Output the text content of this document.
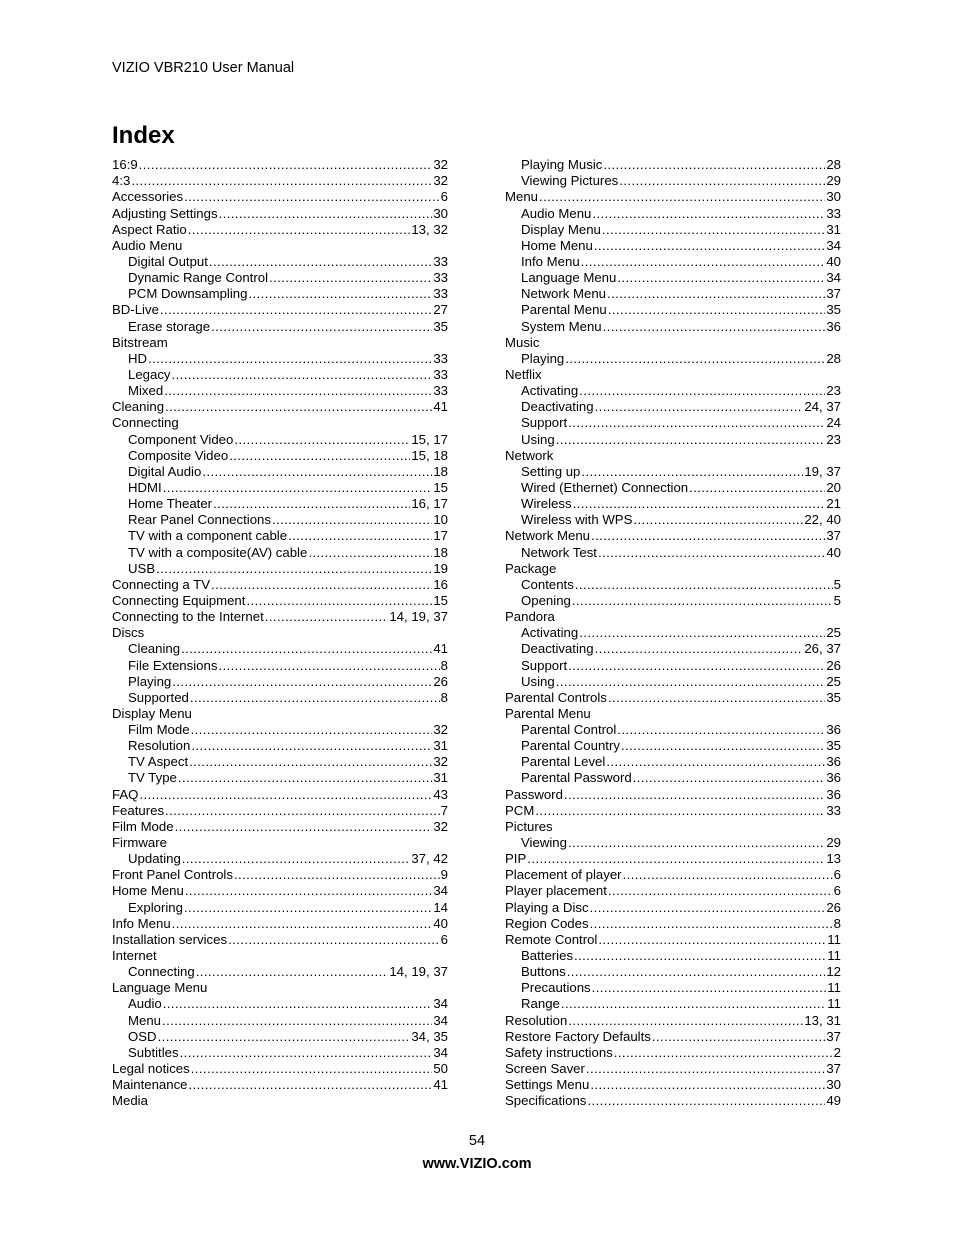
VIZIO VBR210 User Manual
Index
16:9 .....	32
4:3 .....	32
Accessories .....	6
Adjusting Settings .....	30
Aspect Ratio .....	13, 32
Audio Menu
Digital Output .....	33
Dynamic Range Control .....	33
PCM Downsampling .....	33
BD-Live .....	27
Erase storage .....	35
Bitstream
HD .....	33
Legacy .....	33
Mixed .....	33
Cleaning .....	41
Connecting
Component Video .....	15, 17
Composite Video .....	15, 18
Digital Audio .....	18
HDMI .....	15
Home Theater .....	16, 17
Rear Panel Connections .....	10
TV with a component cable .....	17
TV with a composite(AV) cable .....	18
USB .....	19
Connecting a TV .....	16
Connecting Equipment .....	15
Connecting to the Internet .....	14, 19, 37
Discs
Cleaning .....	41
File Extensions .....	8
Playing .....	26
Supported .....	8
Display Menu
Film Mode .....	32
Resolution .....	31
TV Aspect .....	32
TV Type .....	31
FAQ .....	43
Features .....	7
Film Mode .....	32
Firmware
Updating .....	37, 42
Front Panel Controls .....	9
Home Menu .....	34
Exploring .....	14
Info Menu .....	40
Installation services .....	6
Internet
Connecting .....	14, 19, 37
Language Menu
Audio .....	34
Menu .....	34
OSD .....	34, 35
Subtitles .....	34
Legal notices .....	50
Maintenance .....	41
Media
Playing Music .....	28
Viewing Pictures .....	29
Menu .....	30
Audio Menu .....	33
Display Menu .....	31
Home Menu .....	34
Info Menu .....	40
Language Menu .....	34
Network Menu .....	37
Parental Menu .....	35
System Menu .....	36
Music
Playing .....	28
Netflix
Activating .....	23
Deactivating .....	24, 37
Support .....	24
Using .....	23
Network
Setting up .....	19, 37
Wired (Ethernet) Connection .....	20
Wireless .....	21
Wireless with WPS .....	22, 40
Network Menu .....	37
Network Test .....	40
Package
Contents .....	5
Opening .....	5
Pandora
Activating .....	25
Deactivating .....	26, 37
Support .....	26
Using .....	25
Parental Controls .....	35
Parental Menu
Parental Control .....	36
Parental Country .....	35
Parental Level .....	36
Parental Password .....	36
Password .....	36
PCM .....	33
Pictures
Viewing .....	29
PIP .....	13
Placement of player .....	6
Player placement .....	6
Playing a Disc .....	26
Region Codes .....	8
Remote Control .....	11
Batteries .....	11
Buttons .....	12
Precautions .....	11
Range .....	11
Resolution .....	13, 31
Restore Factory Defaults .....	37
Safety instructions .....	2
Screen Saver .....	37
Settings Menu .....	30
Specifications .....	49
54
www.VIZIO.com
